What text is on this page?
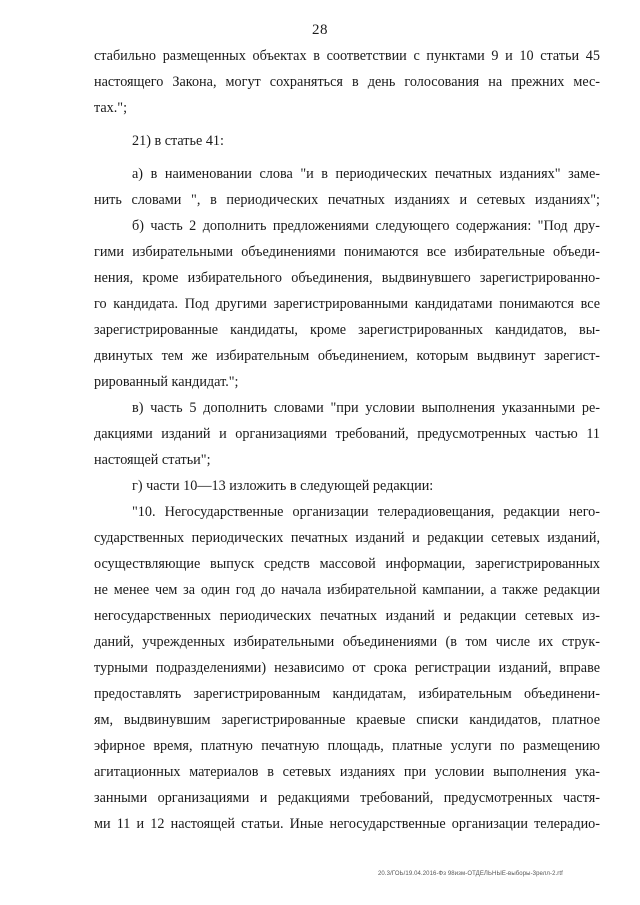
28
стабильно размещенных объектах в соответствии с пунктами 9 и 10 статьи 45
настоящего Закона, могут сохраняться в день голосования на прежних мес-
тах.";
21) в статье 41:
а) в наименовании слова "и в периодических печатных изданиях" заме-
нить словами ", в периодических печатных изданиях и сетевых изданиях";
б) часть 2 дополнить предложениями следующего содержания: "Под дру-
гими избирательными объединениями понимаются все избирательные объеди-
нения, кроме избирательного объединения, выдвинувшего зарегистрированно-
го кандидата. Под другими зарегистрированными кандидатами понимаются все
зарегистрированные кандидаты, кроме зарегистрированных кандидатов, вы-
двинутых тем же избирательным объединением, которым выдвинут зарегист-
рированный кандидат.";
в) часть 5 дополнить словами "при условии выполнения указанными ре-
дакциями изданий и организациями требований, предусмотренных частью 11
настоящей статьи";
г) части 10—13 изложить в следующей редакции:
"10. Негосударственные организации телерадиовещания, редакции него-
сударственных периодических печатных изданий и редакции сетевых изданий,
осуществляющие выпуск средств массовой информации, зарегистрированных
не менее чем за один год до начала избирательной кампании, а также редакции
негосударственных периодических печатных изданий и редакции сетевых из-
даний, учрежденных избирательными объединениями (в том числе их струк-
турными подразделениями) независимо от срока регистрации изданий, вправе
предоставлять зарегистрированным кандидатам, избирательным объединени-
ям, выдвинувшим зарегистрированные краевые списки кандидатов, платное
эфирное время, платную печатную площадь, платные услуги по размещению
агитационных материалов в сетевых изданиях при условии выполнения ука-
занными организациями и редакциями требований, предусмотренных частя-
ми 11 и 12 настоящей статьи. Иные негосударственные организации телерадио-
20.3/ГОЬ/19.04.2016-Фз 98изм-ОТДЕЛЬНЫЕ-выборы-3релл-2.rtf
